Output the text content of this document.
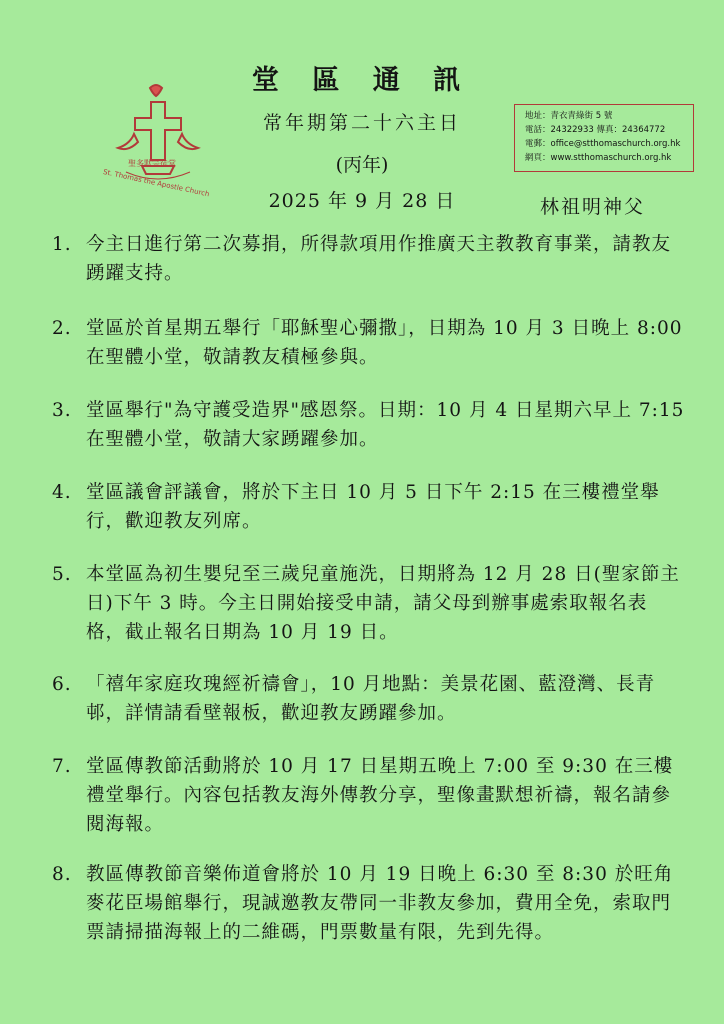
堂 區 通 訊
常年期第二十六主日
(丙年)
2025 年 9 月 28 日	林祖明神父
St. Thomas the Apostle Church
聖多默宗徒堂
地址：青衣青綠街 5 號
電話：24322933 傳真：24364772
電郵：office@stthomaschurch.org.hk
網頁：www.stthomaschurch.org.hk
1. 今主日進行第二次募捐，所得款項用作推廣天主教教育事業，請教友踴躍支持。
2. 堂區於首星期五舉行「耶穌聖心彌撒」，日期為 10 月 3 日晚上 8:00 在聖體小堂，敬請教友積極參與。
3. 堂區舉行"為守護受造界"感恩祭。日期：10 月 4 日星期六早上 7:15 在聖體小堂，敬請大家踴躍參加。
4. 堂區議會評議會，將於下主日 10 月 5 日下午 2:15 在三樓禮堂舉行，歡迎教友列席。
5. 本堂區為初生嬰兒至三歲兒童施洗，日期將為 12 月 28 日(聖家節主日)下午 3 時。今主日開始接受申請，請父母到辦事處索取報名表格，截止報名日期為 10 月 19 日。
6. 「禧年家庭玫瑰經祈禱會」，10 月地點：美景花園、藍澄灣、長青邨，詳情請看壁報板，歡迎教友踴躍參加。
7. 堂區傳教節活動將於 10 月 17 日星期五晚上 7:00 至 9:30 在三樓禮堂舉行。內容包括教友海外傳教分享，聖像畫默想祈禱，報名請參閱海報。
8. 教區傳教節音樂佈道會將於 10 月 19 日晚上 6:30 至 8:30 於旺角麥花臣場館舉行，現誠邀教友帶同一非教友參加，費用全免，索取門票請掃描海報上的二維碼，門票數量有限，先到先得。
